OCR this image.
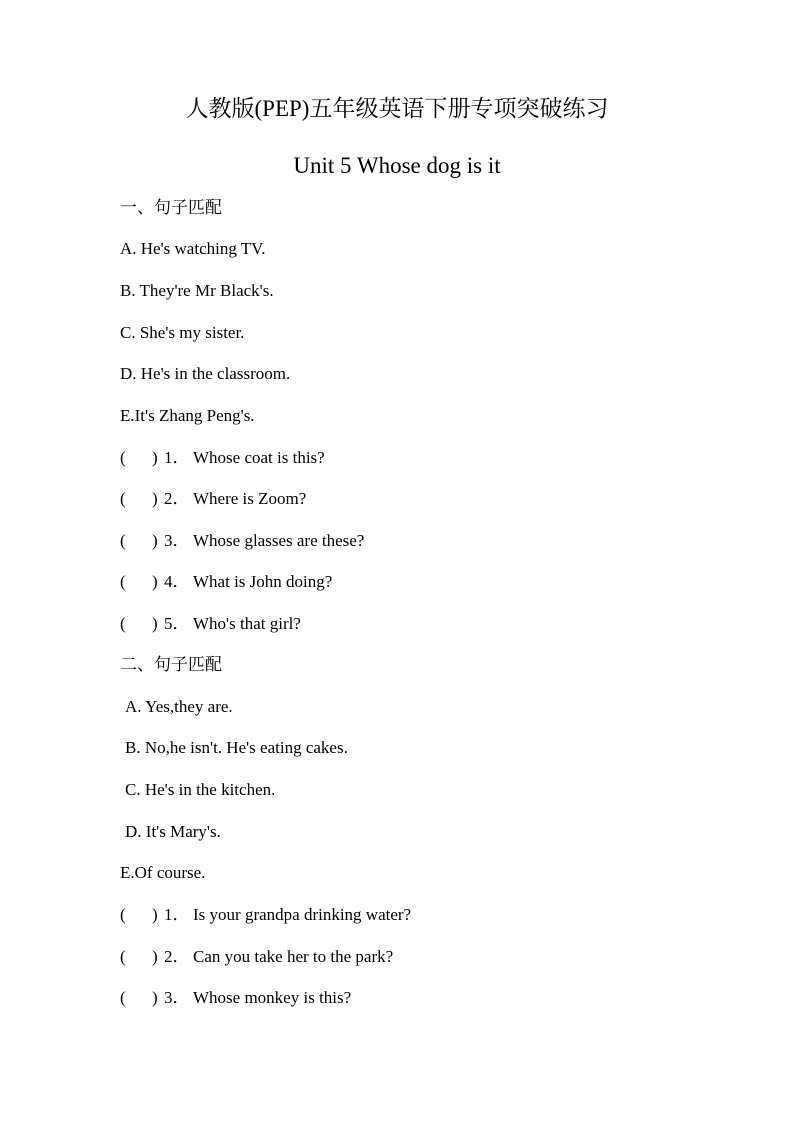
人教版(PEP)五年级英语下册专项突破练习
Unit 5 Whose dog is it
一、句子匹配
A. He's watching TV.
B. They're Mr Black's.
C. She's my sister.
D. He's in the classroom.
E.It's Zhang Peng's.
( ) 1． Whose coat is this?
( ) 2． Where is Zoom?
( ) 3． Whose glasses are these?
( ) 4． What is John doing?
( ) 5． Who's that girl?
二、句子匹配
A. Yes,they are.
B. No,he isn't. He's eating cakes.
C. He's in the kitchen.
D. It's Mary's.
E.Of course.
( ) 1． Is your grandpa drinking water?
( ) 2． Can you take her to the park?
( ) 3． Whose monkey is this?
